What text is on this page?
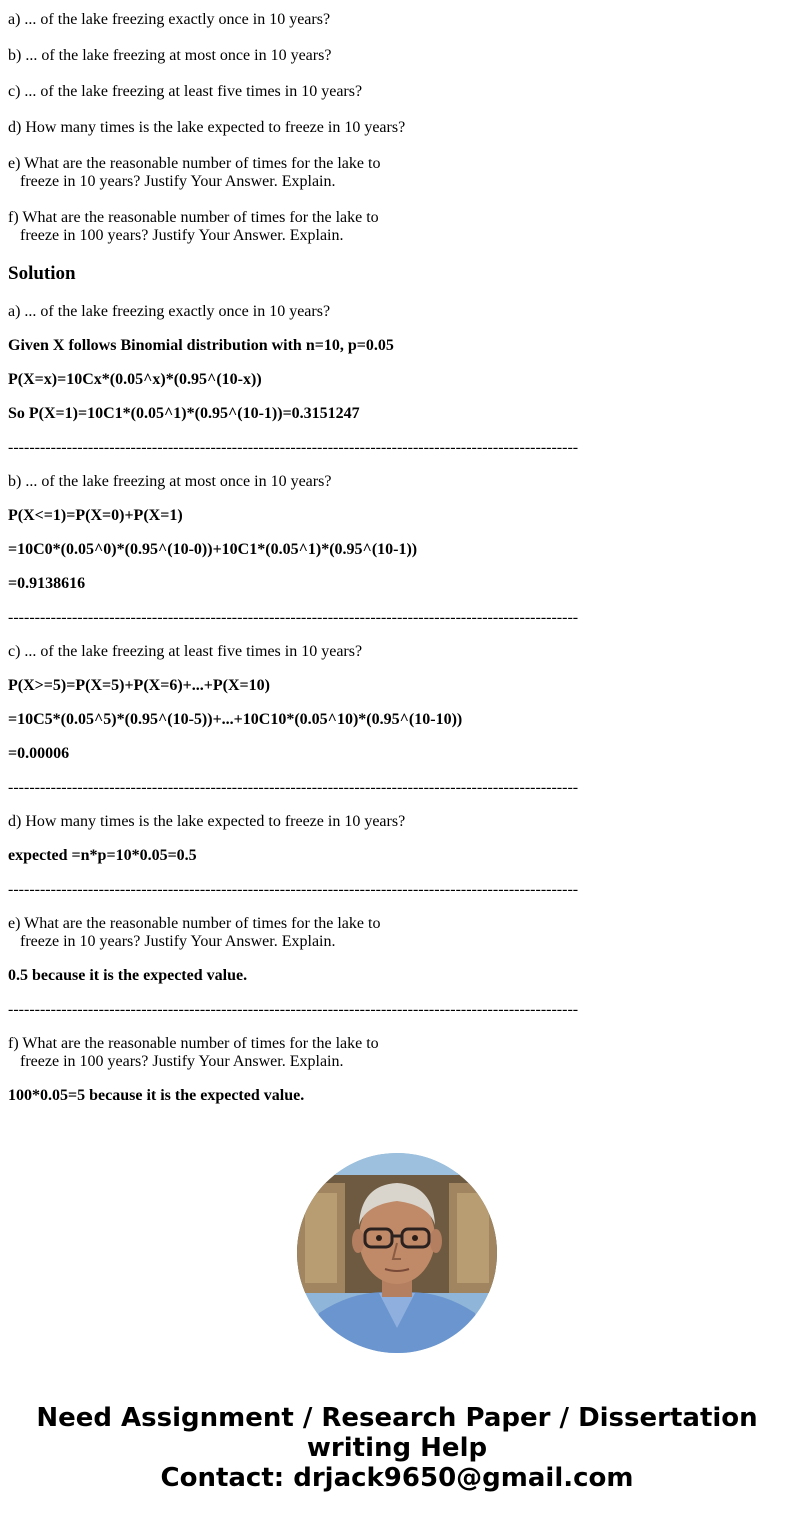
a) ... of the lake freezing exactly once in 10 years?
b) ... of the lake freezing at most once in 10 years?
c) ... of the lake freezing at least five times in 10 years?
d) How many times is the lake expected to freeze in 10 years?
e) What are the reasonable number of times for the lake to
freeze in 10 years? Justify Your Answer. Explain.
f) What are the reasonable number of times for the lake to
freeze in 100 years? Justify Your Answer. Explain.
Solution
a) ... of the lake freezing exactly once in 10 years?
Given X follows Binomial distribution with n=10, p=0.05
P(X=x)=10Cx*(0.05^x)*(0.95^(10-x))
So P(X=1)=10C1*(0.05^1)*(0.95^(10-1))=0.3151247
-----------------------------------------------------------------------------------------------------------
b) ... of the lake freezing at most once in 10 years?
P(X<=1)=P(X=0)+P(X=1)
=10C0*(0.05^0)*(0.95^(10-0))+10C1*(0.05^1)*(0.95^(10-1))
=0.9138616
-----------------------------------------------------------------------------------------------------------
c) ... of the lake freezing at least five times in 10 years?
P(X>=5)=P(X=5)+P(X=6)+...+P(X=10)
=10C5*(0.05^5)*(0.95^(10-5))+...+10C10*(0.05^10)*(0.95^(10-10))
=0.00006
-----------------------------------------------------------------------------------------------------------
d) How many times is the lake expected to freeze in 10 years?
expected =n*p=10*0.05=0.5
-----------------------------------------------------------------------------------------------------------
e) What are the reasonable number of times for the lake to
freeze in 10 years? Justify Your Answer. Explain.
0.5 because it is the expected value.
-----------------------------------------------------------------------------------------------------------
f) What are the reasonable number of times for the lake to
freeze in 100 years? Justify Your Answer. Explain.
100*0.05=5 because it is the expected value.
Need Assignment / Research Paper / Dissertation
writing Help
Contact: drjack9650@gmail.com
